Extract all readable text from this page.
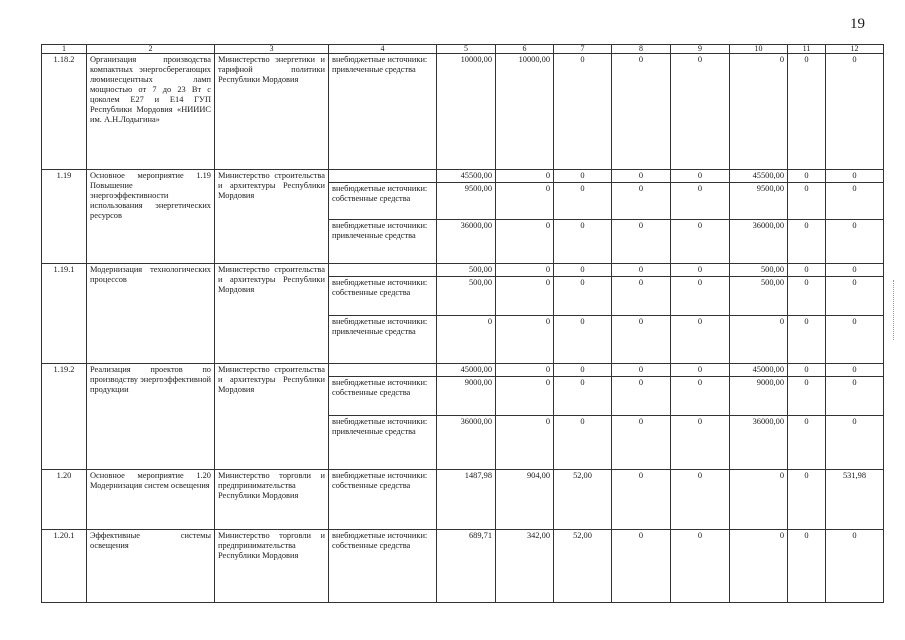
19
1	2	3	4	5	6	7	8	9	10	11	12
1.18.2	Организация производства компактных энергосберегающих люминесцентных ламп мощностью от 7 до 23 Вт с цоколем Е27 и Е14 ГУП Республики Мордовия «НИИИС им. А.Н.Лодыгина»	Министерство энергетики и тарифной политики Республики Мордовия	внебюджетные источники: привлеченные средства	10000,00	10000,00	0	0	0	0	0	0
1.19	Основное мероприятие 1.19 Повышение энергоэффективности использования энергетических ресурсов	Министерство строительства и архитектуры Республики Мордовия		45500,00	0	0	0	0	45500,00	0	0
			внебюджетные источники: собственные средства	9500,00	0	0	0	0	9500,00	0	0
			внебюджетные источники: привлеченные средства	36000,00	0	0	0	0	36000,00	0	0
1.19.1	Модернизация технологических процессов	Министерство строительства и архитектуры Республики Мордовия		500,00	0	0	0	0	500,00	0	0
			внебюджетные источники: собственные средства	500,00	0	0	0	0	500,00	0	0
			внебюджетные источники: привлеченные средства	0	0	0	0	0	0	0	0
1.19.2	Реализация проектов по производству энергоэффективной продукции	Министерство строительства и архитектуры Республики Мордовия		45000,00	0	0	0	0	45000,00	0	0
			внебюджетные источники: собственные средства	9000,00	0	0	0	0	9000,00	0	0
			внебюджетные источники: привлеченные средства	36000,00	0	0	0	0	36000,00	0	0
1.20	Основное мероприятие 1.20 Модернизация систем освещения	Министерство торговли и предпринимательства Республики Мордовия	внебюджетные источники: собственные средства	1487,98	904,00	52,00	0	0	0	0	531,98
1.20.1	Эффективные системы освещения	Министерство торговли и предпринимательства Республики Мордовия	внебюджетные источники: собственные средства	689,71	342,00	52,00	0	0	0	0	0
